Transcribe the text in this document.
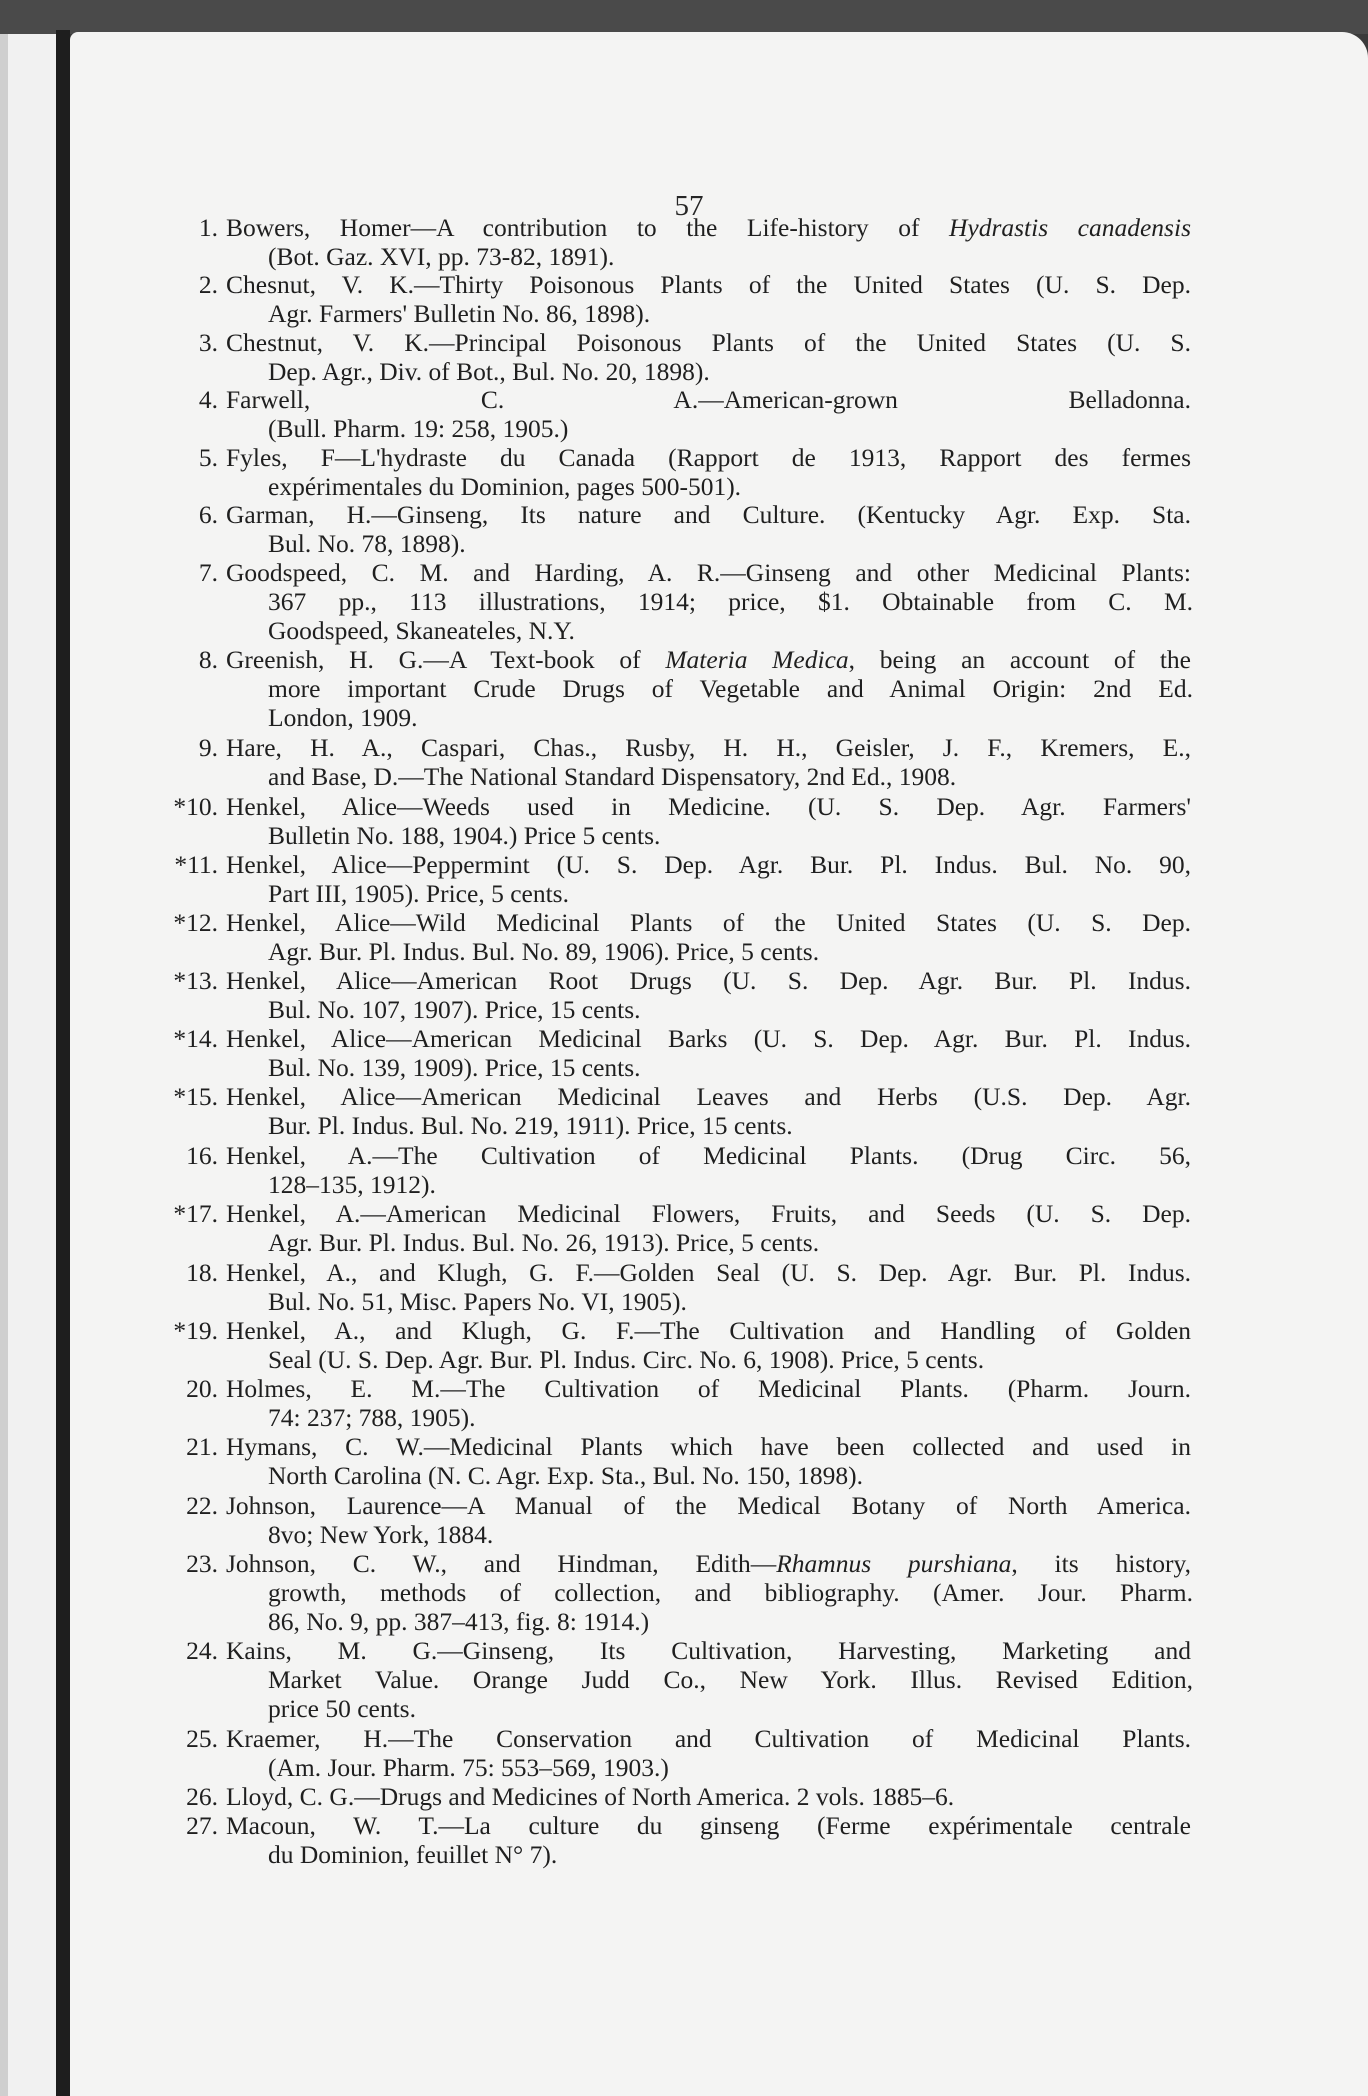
57
1. Bowers, Homer—A contribution to the Life-history of Hydrastis canadensis
(Bot. Gaz. XVI, pp. 73-82, 1891).
2. Chesnut, V. K.—Thirty Poisonous Plants of the United States (U. S. Dep.
Agr. Farmers' Bulletin No. 86, 1898).
3. Chestnut, V. K.—Principal Poisonous Plants of the United States (U. S.
Dep. Agr., Div. of Bot., Bul. No. 20, 1898).
4. Farwell, C. A.—American-grown Belladonna.
(Bull. Pharm. 19: 258, 1905.)
5. Fyles, F—L'hydraste du Canada (Rapport de 1913, Rapport des fermes
expérimentales du Dominion, pages 500-501).
6. Garman, H.—Ginseng, Its nature and Culture. (Kentucky Agr. Exp. Sta.
Bul. No. 78, 1898).
7. Goodspeed, C. M. and Harding, A. R.—Ginseng and other Medicinal Plants:
367 pp., 113 illustrations, 1914; price, $1. Obtainable from C. M.
Goodspeed, Skaneateles, N.Y.
8. Greenish, H. G.—A Text-book of Materia Medica, being an account of the
more important Crude Drugs of Vegetable and Animal Origin: 2nd Ed.
London, 1909.
9. Hare, H. A., Caspari, Chas., Rusby, H. H., Geisler, J. F., Kremers, E.,
and Base, D.—The National Standard Dispensatory, 2nd Ed., 1908.
*10. Henkel, Alice—Weeds used in Medicine. (U. S. Dep. Agr. Farmers'
Bulletin No. 188, 1904.) Price 5 cents.
*11. Henkel, Alice—Peppermint (U. S. Dep. Agr. Bur. Pl. Indus. Bul. No. 90,
Part III, 1905). Price, 5 cents.
*12. Henkel, Alice—Wild Medicinal Plants of the United States (U. S. Dep.
Agr. Bur. Pl. Indus. Bul. No. 89, 1906). Price, 5 cents.
*13. Henkel, Alice—American Root Drugs (U. S. Dep. Agr. Bur. Pl. Indus.
Bul. No. 107, 1907). Price, 15 cents.
*14. Henkel, Alice—American Medicinal Barks (U. S. Dep. Agr. Bur. Pl. Indus.
Bul. No. 139, 1909). Price, 15 cents.
*15. Henkel, Alice—American Medicinal Leaves and Herbs (U.S. Dep. Agr.
Bur. Pl. Indus. Bul. No. 219, 1911). Price, 15 cents.
16. Henkel, A.—The Cultivation of Medicinal Plants. (Drug Circ. 56,
128–135, 1912).
*17. Henkel, A.—American Medicinal Flowers, Fruits, and Seeds (U. S. Dep.
Agr. Bur. Pl. Indus. Bul. No. 26, 1913). Price, 5 cents.
18. Henkel, A., and Klugh, G. F.—Golden Seal (U. S. Dep. Agr. Bur. Pl. Indus.
Bul. No. 51, Misc. Papers No. VI, 1905).
*19. Henkel, A., and Klugh, G. F.—The Cultivation and Handling of Golden
Seal (U. S. Dep. Agr. Bur. Pl. Indus. Circ. No. 6, 1908). Price, 5 cents.
20. Holmes, E. M.—The Cultivation of Medicinal Plants. (Pharm. Journ.
74: 237; 788, 1905).
21. Hymans, C. W.—Medicinal Plants which have been collected and used in
North Carolina (N. C. Agr. Exp. Sta., Bul. No. 150, 1898).
22. Johnson, Laurence—A Manual of the Medical Botany of North America.
8vo; New York, 1884.
23. Johnson, C. W., and Hindman, Edith—Rhamnus purshiana, its history,
growth, methods of collection, and bibliography. (Amer. Jour. Pharm.
86, No. 9, pp. 387–413, fig. 8: 1914.)
24. Kains, M. G.—Ginseng, Its Cultivation, Harvesting, Marketing and
Market Value. Orange Judd Co., New York. Illus. Revised Edition,
price 50 cents.
25. Kraemer, H.—The Conservation and Cultivation of Medicinal Plants.
(Am. Jour. Pharm. 75: 553–569, 1903.)
26. Lloyd, C. G.—Drugs and Medicines of North America. 2 vols. 1885–6.
27. Macoun, W. T.—La culture du ginseng (Ferme expérimentale centrale
du Dominion, feuillet N° 7).
